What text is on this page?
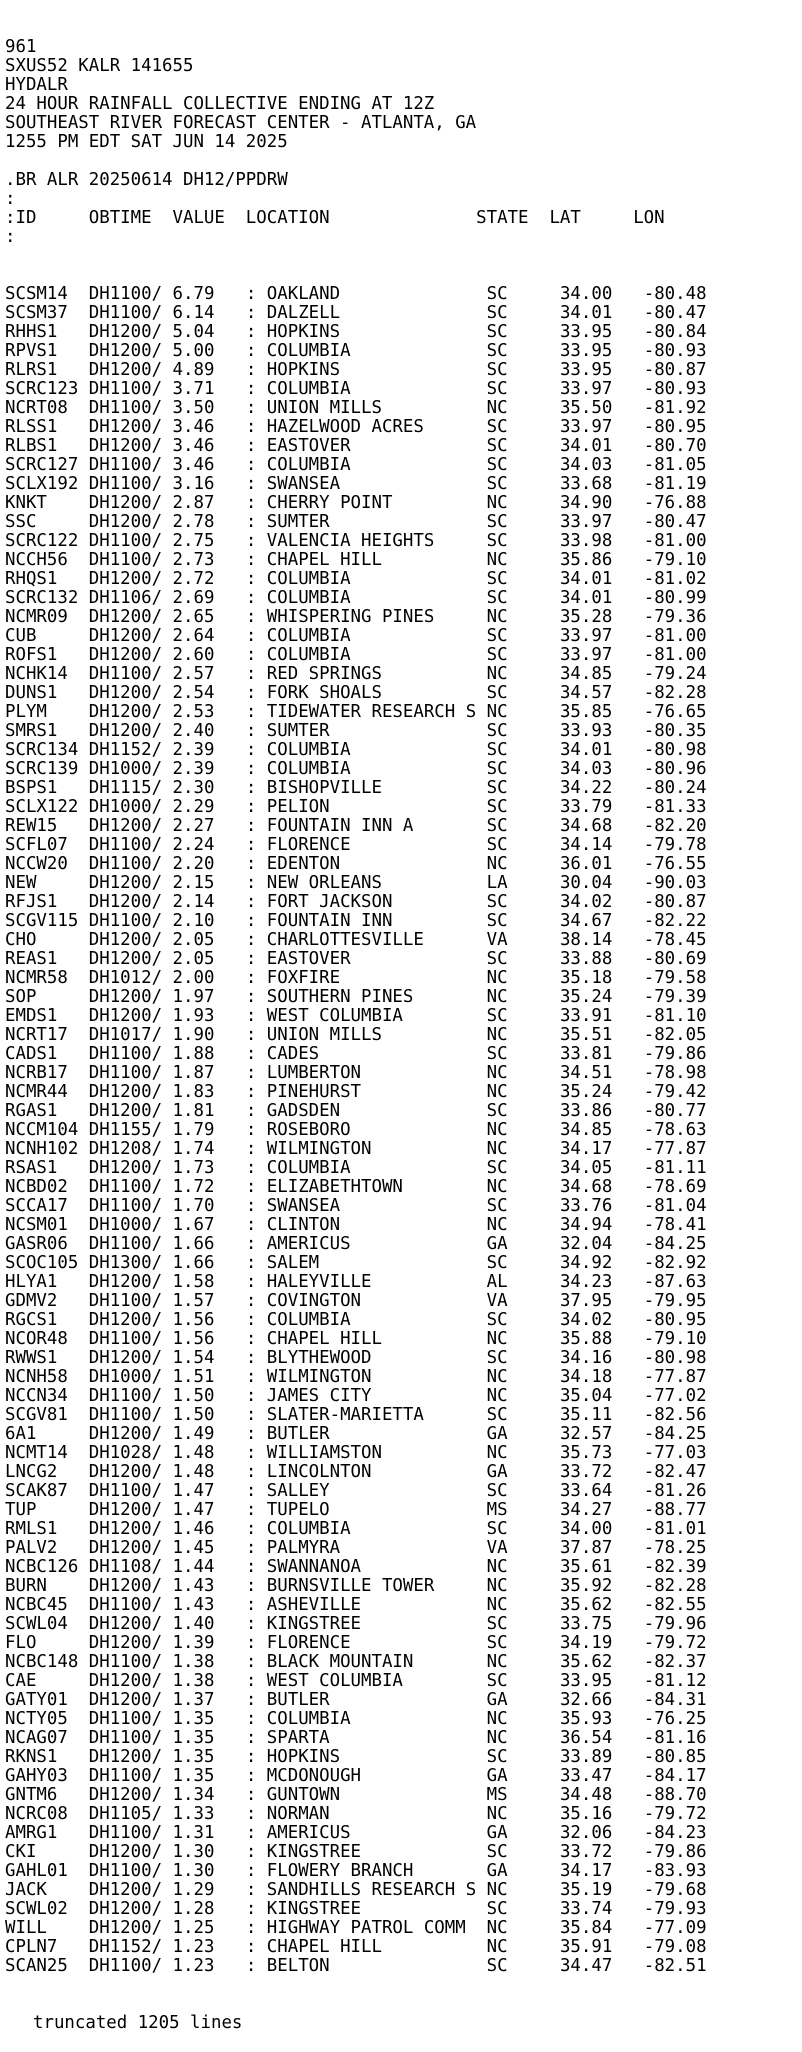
961
SXUS52 KALR 141655
HYDALR
24 HOUR RAINFALL COLLECTIVE ENDING AT 12Z
SOUTHEAST RIVER FORECAST CENTER - ATLANTA, GA
1255 PM EDT SAT JUN 14 2025
.BR ALR 20250614 DH12/PPDRW
:
:ID     OBTIME  VALUE  LOCATION              STATE  LAT     LON
:

SCSM14  DH1100/ 6.79   : OAKLAND              SC     34.00   -80.48
SCSM37  DH1100/ 6.14   : DALZELL              SC     34.01   -80.47
RHHS1   DH1200/ 5.04   : HOPKINS              SC     33.95   -80.84
RPVS1   DH1200/ 5.00   : COLUMBIA             SC     33.95   -80.93
RLRS1   DH1200/ 4.89   : HOPKINS              SC     33.95   -80.87
SCRC123 DH1100/ 3.71   : COLUMBIA             SC     33.97   -80.93
NCRT08  DH1100/ 3.50   : UNION MILLS          NC     35.50   -81.92
RLSS1   DH1200/ 3.46   : HAZELWOOD ACRES      SC     33.97   -80.95
RLBS1   DH1200/ 3.46   : EASTOVER             SC     34.01   -80.70
SCRC127 DH1100/ 3.46   : COLUMBIA             SC     34.03   -81.05
SCLX192 DH1100/ 3.16   : SWANSEA              SC     33.68   -81.19
KNKT    DH1200/ 2.87   : CHERRY POINT         NC     34.90   -76.88
SSC     DH1200/ 2.78   : SUMTER               SC     33.97   -80.47
SCRC122 DH1100/ 2.75   : VALENCIA HEIGHTS     SC     33.98   -81.00
NCCH56  DH1100/ 2.73   : CHAPEL HILL          NC     35.86   -79.10
RHQS1   DH1200/ 2.72   : COLUMBIA             SC     34.01   -81.02
SCRC132 DH1106/ 2.69   : COLUMBIA             SC     34.01   -80.99
NCMR09  DH1200/ 2.65   : WHISPERING PINES     NC     35.28   -79.36
CUB     DH1200/ 2.64   : COLUMBIA             SC     33.97   -81.00
ROFS1   DH1200/ 2.60   : COLUMBIA             SC     33.97   -81.00
NCHK14  DH1100/ 2.57   : RED SPRINGS          NC     34.85   -79.24
DUNS1   DH1200/ 2.54   : FORK SHOALS          SC     34.57   -82.28
PLYM    DH1200/ 2.53   : TIDEWATER RESEARCH S NC     35.85   -76.65
SMRS1   DH1200/ 2.40   : SUMTER               SC     33.93   -80.35
SCRC134 DH1152/ 2.39   : COLUMBIA             SC     34.01   -80.98
SCRC139 DH1000/ 2.39   : COLUMBIA             SC     34.03   -80.96
BSPS1   DH1115/ 2.30   : BISHOPVILLE          SC     34.22   -80.24
SCLX122 DH1000/ 2.29   : PELION               SC     33.79   -81.33
REW15   DH1200/ 2.27   : FOUNTAIN INN A       SC     34.68   -82.20
SCFL07  DH1100/ 2.24   : FLORENCE             SC     34.14   -79.78
NCCW20  DH1100/ 2.20   : EDENTON              NC     36.01   -76.55
NEW     DH1200/ 2.15   : NEW ORLEANS          LA     30.04   -90.03
RFJS1   DH1200/ 2.14   : FORT JACKSON         SC     34.02   -80.87
SCGV115 DH1100/ 2.10   : FOUNTAIN INN         SC     34.67   -82.22
CHO     DH1200/ 2.05   : CHARLOTTESVILLE      VA     38.14   -78.45
REAS1   DH1200/ 2.05   : EASTOVER             SC     33.88   -80.69
NCMR58  DH1012/ 2.00   : FOXFIRE              NC     35.18   -79.58
SOP     DH1200/ 1.97   : SOUTHERN PINES       NC     35.24   -79.39
EMDS1   DH1200/ 1.93   : WEST COLUMBIA        SC     33.91   -81.10
NCRT17  DH1017/ 1.90   : UNION MILLS          NC     35.51   -82.05
CADS1   DH1100/ 1.88   : CADES                SC     33.81   -79.86
NCRB17  DH1100/ 1.87   : LUMBERTON            NC     34.51   -78.98
NCMR44  DH1200/ 1.83   : PINEHURST            NC     35.24   -79.42
RGAS1   DH1200/ 1.81   : GADSDEN              SC     33.86   -80.77
NCCM104 DH1155/ 1.79   : ROSEBORO             NC     34.85   -78.63
NCNH102 DH1208/ 1.74   : WILMINGTON           NC     34.17   -77.87
RSAS1   DH1200/ 1.73   : COLUMBIA             SC     34.05   -81.11
NCBD02  DH1100/ 1.72   : ELIZABETHTOWN        NC     34.68   -78.69
SCCA17  DH1100/ 1.70   : SWANSEA              SC     33.76   -81.04
NCSM01  DH1000/ 1.67   : CLINTON              NC     34.94   -78.41
GASR06  DH1100/ 1.66   : AMERICUS             GA     32.04   -84.25
SCOC105 DH1300/ 1.66   : SALEM                SC     34.92   -82.92
HLYA1   DH1200/ 1.58   : HALEYVILLE           AL     34.23   -87.63
GDMV2   DH1100/ 1.57   : COVINGTON            VA     37.95   -79.95
RGCS1   DH1200/ 1.56   : COLUMBIA             SC     34.02   -80.95
NCOR48  DH1100/ 1.56   : CHAPEL HILL          NC     35.88   -79.10
RWWS1   DH1200/ 1.54   : BLYTHEWOOD           SC     34.16   -80.98
NCNH58  DH1000/ 1.51   : WILMINGTON           NC     34.18   -77.87
NCCN34  DH1100/ 1.50   : JAMES CITY           NC     35.04   -77.02
SCGV81  DH1100/ 1.50   : SLATER-MARIETTA      SC     35.11   -82.56
6A1     DH1200/ 1.49   : BUTLER               GA     32.57   -84.25
NCMT14  DH1028/ 1.48   : WILLIAMSTON          NC     35.73   -77.03
LNCG2   DH1200/ 1.48   : LINCOLNTON           GA     33.72   -82.47
SCAK87  DH1100/ 1.47   : SALLEY               SC     33.64   -81.26
TUP     DH1200/ 1.47   : TUPELO               MS     34.27   -88.77
RMLS1   DH1200/ 1.46   : COLUMBIA             SC     34.00   -81.01
PALV2   DH1200/ 1.45   : PALMYRA              VA     37.87   -78.25
NCBC126 DH1108/ 1.44   : SWANNANOA            NC     35.61   -82.39
BURN    DH1200/ 1.43   : BURNSVILLE TOWER     NC     35.92   -82.28
NCBC45  DH1100/ 1.43   : ASHEVILLE            NC     35.62   -82.55
SCWL04  DH1200/ 1.40   : KINGSTREE            SC     33.75   -79.96
FLO     DH1200/ 1.39   : FLORENCE             SC     34.19   -79.72
NCBC148 DH1100/ 1.38   : BLACK MOUNTAIN       NC     35.62   -82.37
CAE     DH1200/ 1.38   : WEST COLUMBIA        SC     33.95   -81.12
GATY01  DH1200/ 1.37   : BUTLER               GA     32.66   -84.31
NCTY05  DH1100/ 1.35   : COLUMBIA             NC     35.93   -76.25
NCAG07  DH1100/ 1.35   : SPARTA               NC     36.54   -81.16
RKNS1   DH1200/ 1.35   : HOPKINS              SC     33.89   -80.85
GAHY03  DH1100/ 1.35   : MCDONOUGH            GA     33.47   -84.17
GNTM6   DH1200/ 1.34   : GUNTOWN              MS     34.48   -88.70
NCRC08  DH1105/ 1.33   : NORMAN               NC     35.16   -79.72
AMRG1   DH1100/ 1.31   : AMERICUS             GA     32.06   -84.23
CKI     DH1200/ 1.30   : KINGSTREE            SC     33.72   -79.86
GAHL01  DH1100/ 1.30   : FLOWERY BRANCH       GA     34.17   -83.93
JACK    DH1200/ 1.29   : SANDHILLS RESEARCH S NC     35.19   -79.68
SCWL02  DH1200/ 1.28   : KINGSTREE            SC     33.74   -79.93
WILL    DH1200/ 1.25   : HIGHWAY PATROL COMM  NC     35.84   -77.09
CPLN7   DH1152/ 1.23   : CHAPEL HILL          NC     35.91   -79.08
SCAN25  DH1100/ 1.23   : BELTON               SC     34.47   -82.51

truncated 1205 lines
